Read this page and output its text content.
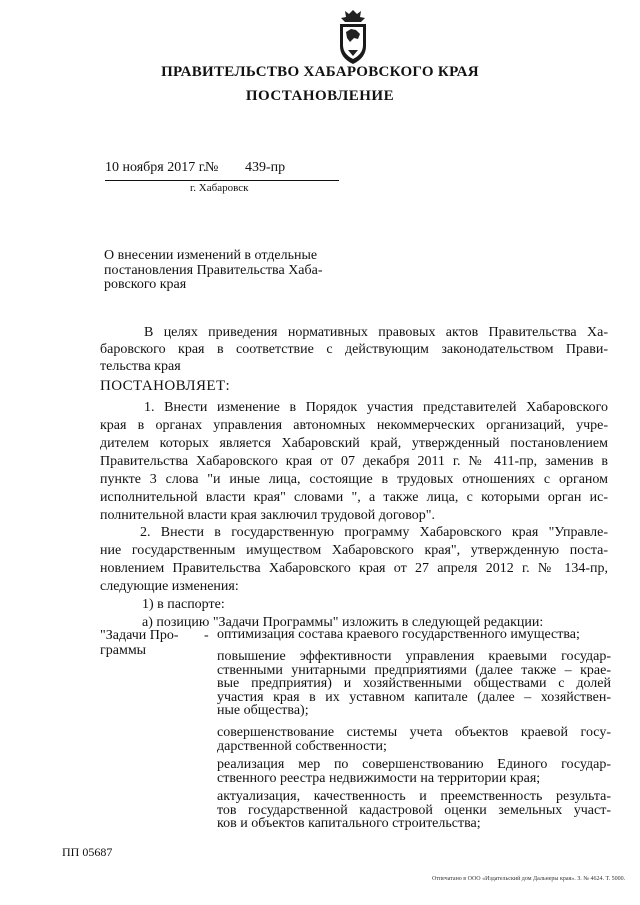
ПРАВИТЕЛЬСТВО ХАБАРОВСКОГО КРАЯ
ПОСТАНОВЛЕНИЕ
10 ноября 2017 г.
№ 439-пр
г. Хабаровск
О внесении изменений в отдельные
постановления Правительства Хаба-
ровского края
В целях приведения нормативных правовых актов Правительства Ха-
баровского края в соответствие с действующим законодательством Прави-
тельства края
1. Внести изменение в Порядок участия представителей Хабаровского
края в органах управления автономных некоммерческих организаций, учре-
дителем которых является Хабаровский край, утвержденный постановлением
Правительства Хабаровского края от 07 декабря 2011 г. № 411-пр, заменив в
пункте 3 слова "и иные лица, состоящие в трудовых отношениях с органом
исполнительной власти края" словами ", а также лица, с которыми орган ис-
полнительной власти края заключил трудовой договор".
2. Внести в государственную программу Хабаровского края "Управле-
ние государственным имуществом Хабаровского края", утвержденную поста-
новлением Правительства Хабаровского края от 27 апреля 2012 г. № 134-пр,
следующие изменения:
1) в паспорте:
а) позицию "Задачи Программы" изложить в следующей редакции:
ПОСТАНОВЛЯЕТ:
"Задачи Про-
граммы
- оптимизация состава краевого государственного имущества;
повышение эффективности управления краевыми государ-
ственными унитарными предприятиями (далее также – крае-
вые предприятия) и хозяйственными обществами с долей
участия края в их уставном капитале (далее – хозяйствен-
ные общества);
совершенствование системы учета объектов краевой госу-
дарственной собственности;
реализация мер по совершенствованию Единого государ-
ственного реестра недвижимости на территории края;
актуализация, качественность и преемственность результа-
тов государственной кадастровой оценки земельных участ-
ков и объектов капитального строительства;
ПП 05687
Отпечатано в ООО «Издательский дом Дальнеры края». З. № 4624. Т. 5000.
